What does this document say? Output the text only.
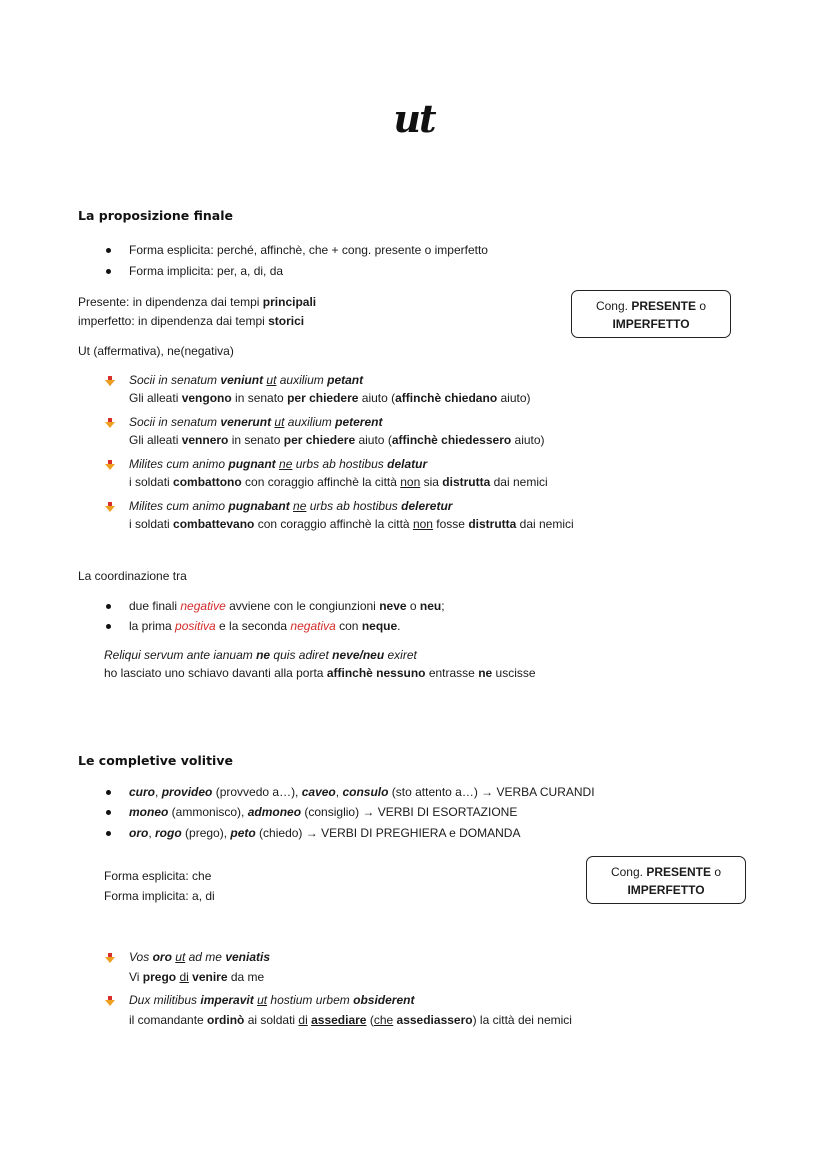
ut
La proposizione finale
Forma esplicita: perché, affinchè, che + cong. presente o imperfetto
Forma implicita: per, a, di, da
Presente: in dipendenza dai tempi principali
imperfetto: in dipendenza dai tempi storici
Cong. PRESENTE o
IMPERFETTO
Ut (affermativa), ne(negativa)
Socii in senatum veniunt ut auxilium petant
Gli alleati vengono in senato per chiedere aiuto (affinchè chiedano aiuto)
Socii in senatum venerunt ut auxilium peterent
Gli alleati vennero in senato per chiedere aiuto (affinchè chiedessero aiuto)
Milites cum animo pugnant ne urbs ab hostibus delatur
i soldati combattono con coraggio affinchè la città non sia distrutta dai nemici
Milites cum animo pugnabant ne urbs ab hostibus deleretur
i soldati combattevano con coraggio affinchè la città non fosse distrutta dai nemici
La coordinazione tra
due finali negative avviene con le congiunzioni neve o neu;
la prima positiva e la seconda negativa con neque.
Reliqui servum ante ianuam ne quis adiret neve/neu exiret
ho lasciato uno schiavo davanti alla porta affinchè nessuno entrasse ne uscisse
Le completive volitive
curo, provideo (provvedo a…), caveo, consulo (sto attento a…) → VERBA CURANDI
moneo (ammonisco), admoneo (consiglio) → VERBI DI ESORTAZIONE
oro, rogo (prego), peto (chiedo) → VERBI DI PREGHIERA e DOMANDA
Forma esplicita: che
Forma implicita: a, di
Cong. PRESENTE o
IMPERFETTO
Vos oro ut ad me veniatis
Vi prego di venire da me
Dux militibus imperavit ut hostium urbem obsiderent
il comandante ordinò ai soldati di assediare (che assediassero) la città dei nemici
